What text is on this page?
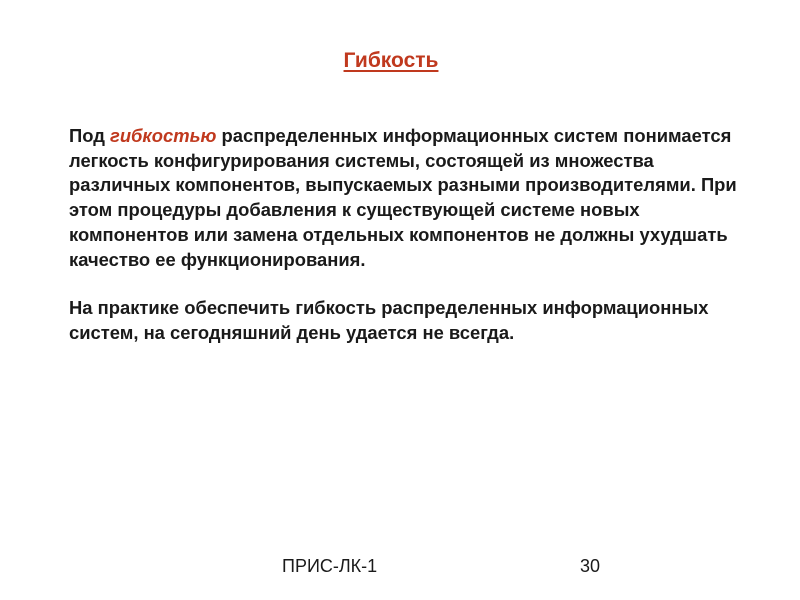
Гибкость

Под гибкостью распределенных информационных систем понимается легкость конфигурирования системы, состоящей из множества различных компонентов, выпускаемых разными производителями. При этом процедуры добавления к существующей системе новых компонентов или замена отдельных компонентов не должны ухудшать качество ее функционирования.

На практике обеспечить гибкость распределенных информационных систем, на сегодняшний день удается не всегда.

ПРИС-ЛК-1	30
